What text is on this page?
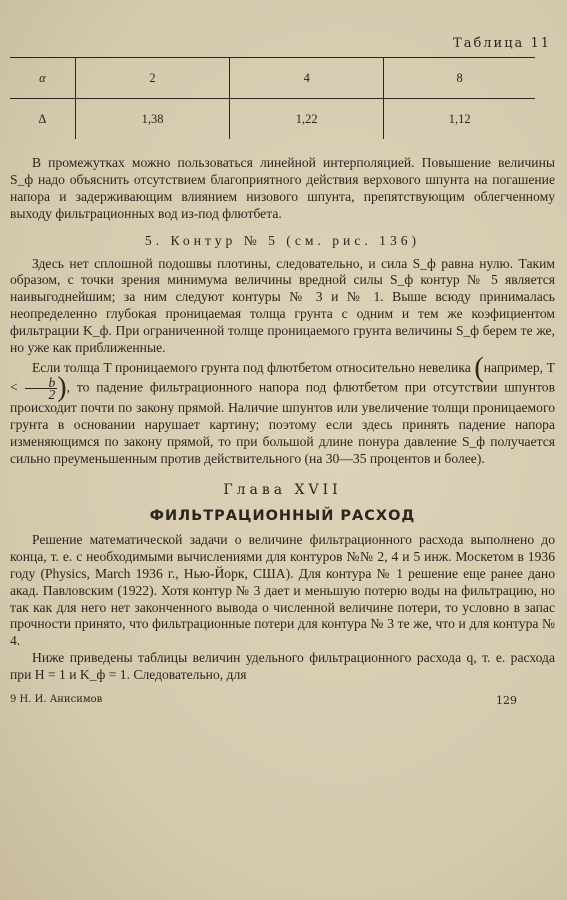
Таблица 11
α	2	4	8
Δ	1,38	1,22	1,12

В промежутках можно пользоваться линейной интерполяцией. Повышение величины S_ф надо объяснить отсутствием благоприятного действия верхового шпунта на погашение напора и задерживающим влиянием низового шпунта, препятствующим облегченному выходу фильтрационных вод из-под флютбета.

5. Контур № 5 (см. рис. 136)

Здесь нет сплошной подошвы плотины, следовательно, и сила S_ф равна нулю. Таким образом, с точки зрения минимума величины вредной силы S_ф контур № 5 является наивыгоднейшим; за ним следуют контуры № 3 и № 1. Выше всюду принималась неопределенно глубокая проницаемая толща грунта с одним и тем же коэфициентом фильтрации K_ф. При ограниченной толще проницаемого грунта величины S_ф берем те же, но уже как приближенные.

Если толща T проницаемого грунта под флютбетом относительно невелика (например, $T < \frac{b}{2}$ ), то падение фильтрационного напора под флютбетом при отсутствии шпунтов происходит почти по закону прямой. Наличие шпунтов или увеличение толщи проницаемого грунта в основании нарушает картину; поэтому если здесь принять падение напора изменяющимся по закону прямой, то при большой длине понура давление S_ф получается сильно преуменьшенным против действительного (на 30—35 процентов и более).

Глава XVII
ФИЛЬТРАЦИОННЫЙ РАСХОД

Решение математической задачи о величине фильтрационного расхода выполнено до конца, т. е. с необходимыми вычислениями для контуров №№ 2, 4 и 5 инж. Москетом в 1936 году (Physics, March 1936 г., Нью-Йорк, США). Для контура № 1 решение еще ранее дано акад. Павловским (1922). Хотя контур № 3 дает и меньшую потерю воды на фильтрацию, но так как для него нет законченного вывода о численной величине потери, то условно в запас прочности принято, что фильтрационные потери для контура № 3 те же, что и для контура № 4.

Ниже приведены таблицы величин удельного фильтрационного расхода q, т. е. расхода при H = 1 и K_ф = 1. Следовательно, для

9 Н. И. Анисимов	129
